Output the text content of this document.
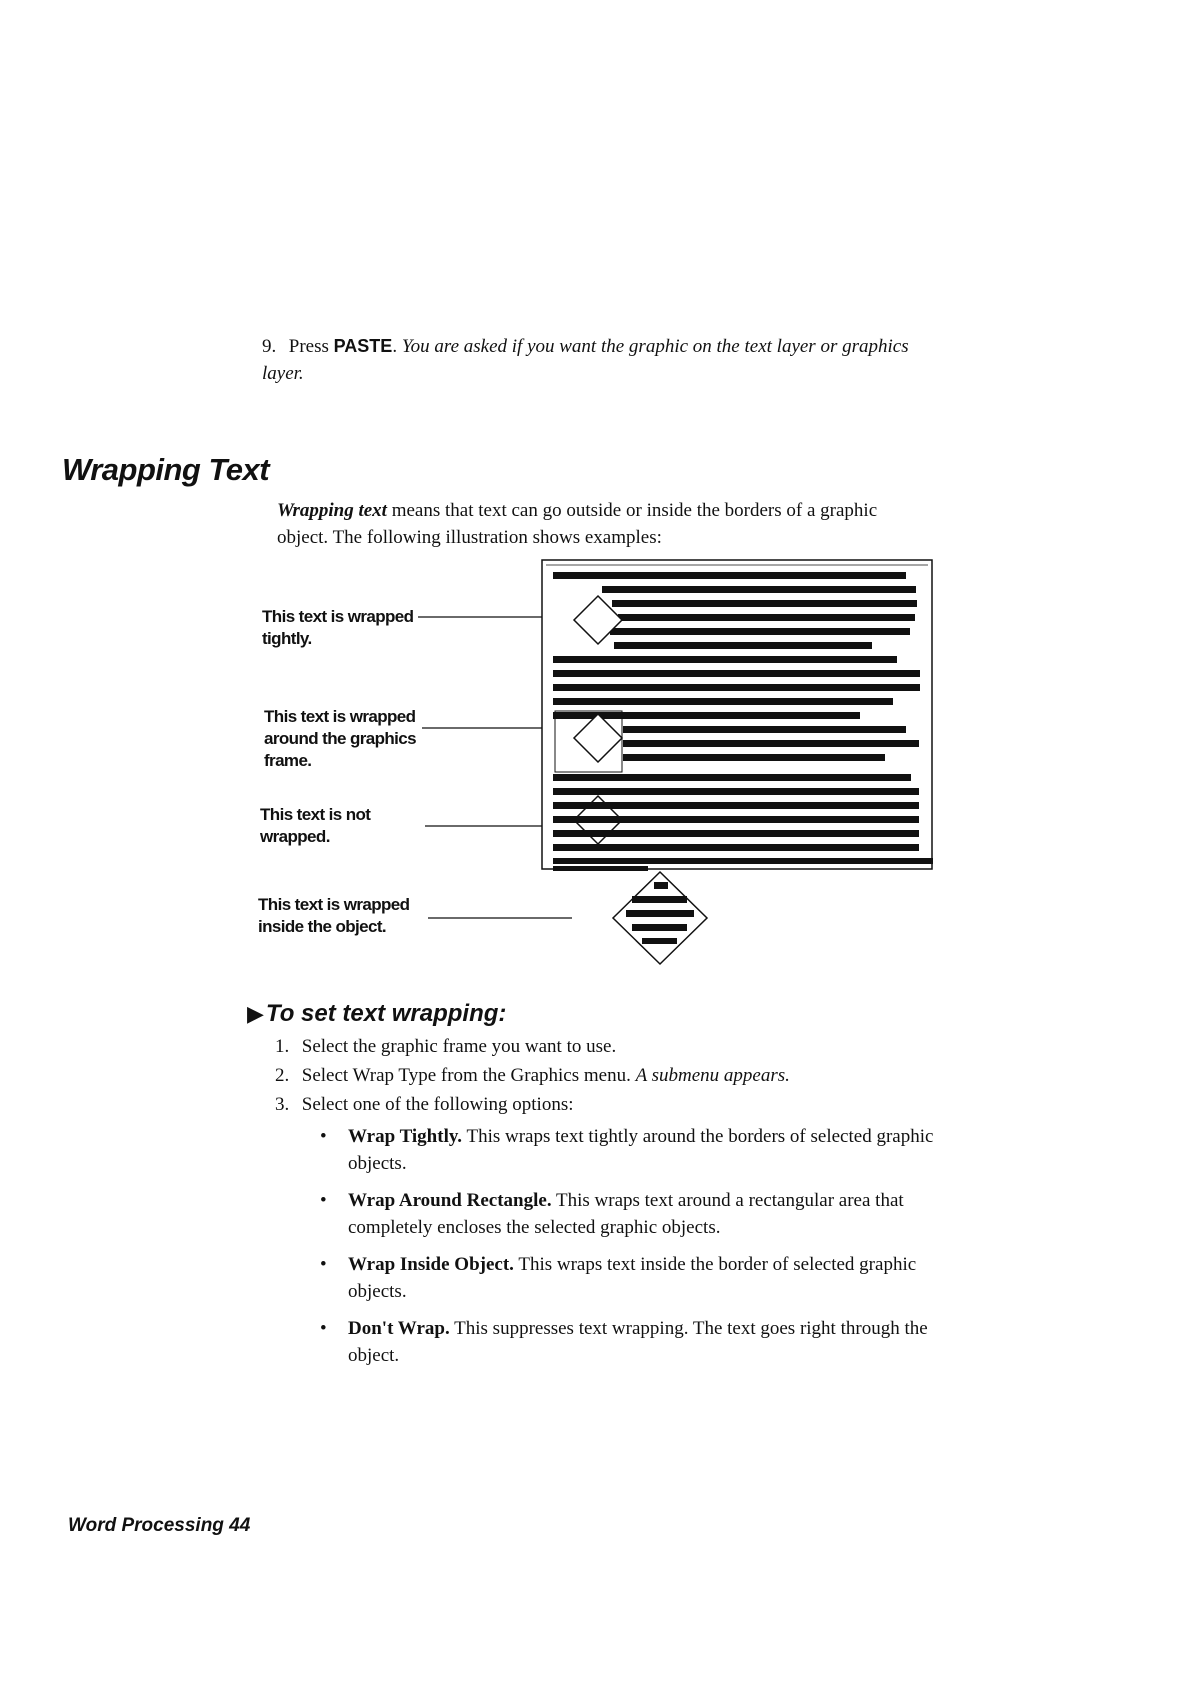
9. Press PASTE. You are asked if you want the graphic on the text layer or graphics layer.
Wrapping Text
Wrapping text means that text can go outside or inside the borders of a graphic object. The following illustration shows examples:
This text is wrapped tightly.
This text is wrapped around the graphics frame.
This text is not wrapped.
This text is wrapped inside the object.
▶To set text wrapping:
1. Select the graphic frame you want to use.
2. Select Wrap Type from the Graphics menu. A submenu appears.
3. Select one of the following options:
• Wrap Tightly. This wraps text tightly around the borders of selected graphic objects.
• Wrap Around Rectangle. This wraps text around a rectangular area that completely encloses the selected graphic objects.
• Wrap Inside Object. This wraps text inside the border of selected graphic objects.
• Don't Wrap. This suppresses text wrapping. The text goes right through the object.
Word Processing 44
